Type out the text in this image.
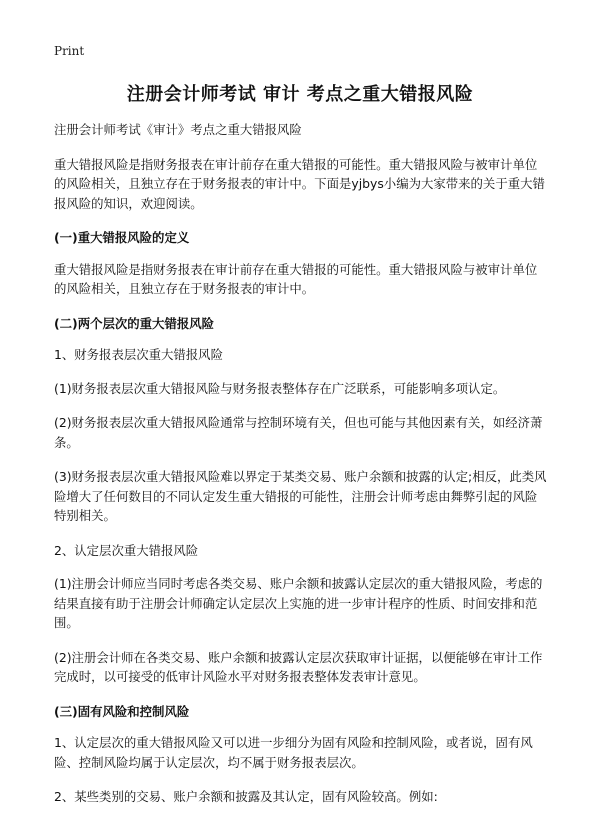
Print
注册会计师考试 审计 考点之重大错报风险

注册会计师考试《审计》考点之重大错报风险

重大错报风险是指财务报表在审计前存在重大错报的可能性。重大错报风险与被审计单位的风险相关，且独立存在于财务报表的审计中。下面是yjbys小编为大家带来的关于重大错报风险的知识，欢迎阅读。

(一)重大错报风险的定义

重大错报风险是指财务报表在审计前存在重大错报的可能性。重大错报风险与被审计单位的风险相关，且独立存在于财务报表的审计中。

(二)两个层次的重大错报风险

1、财务报表层次重大错报风险

(1)财务报表层次重大错报风险与财务报表整体存在广泛联系，可能影响多项认定。

(2)财务报表层次重大错报风险通常与控制环境有关，但也可能与其他因素有关，如经济萧条。

(3)财务报表层次重大错报风险难以界定于某类交易、账户余额和披露的认定;相反，此类风险增大了任何数目的不同认定发生重大错报的可能性，注册会计师考虑由舞弊引起的风险特别相关。

2、认定层次重大错报风险

(1)注册会计师应当同时考虑各类交易、账户余额和披露认定层次的重大错报风险，考虑的结果直接有助于注册会计师确定认定层次上实施的进一步审计程序的性质、时间安排和范围。

(2)注册会计师在各类交易、账户余额和披露认定层次获取审计证据，以便能够在审计工作完成时，以可接受的低审计风险水平对财务报表整体发表审计意见。

(三)固有风险和控制风险

1、认定层次的重大错报风险又可以进一步细分为固有风险和控制风险，或者说，固有风险、控制风险均属于认定层次，均不属于财务报表层次。

2、某些类别的交易、账户余额和披露及其认定，固有风险较高。例如:
